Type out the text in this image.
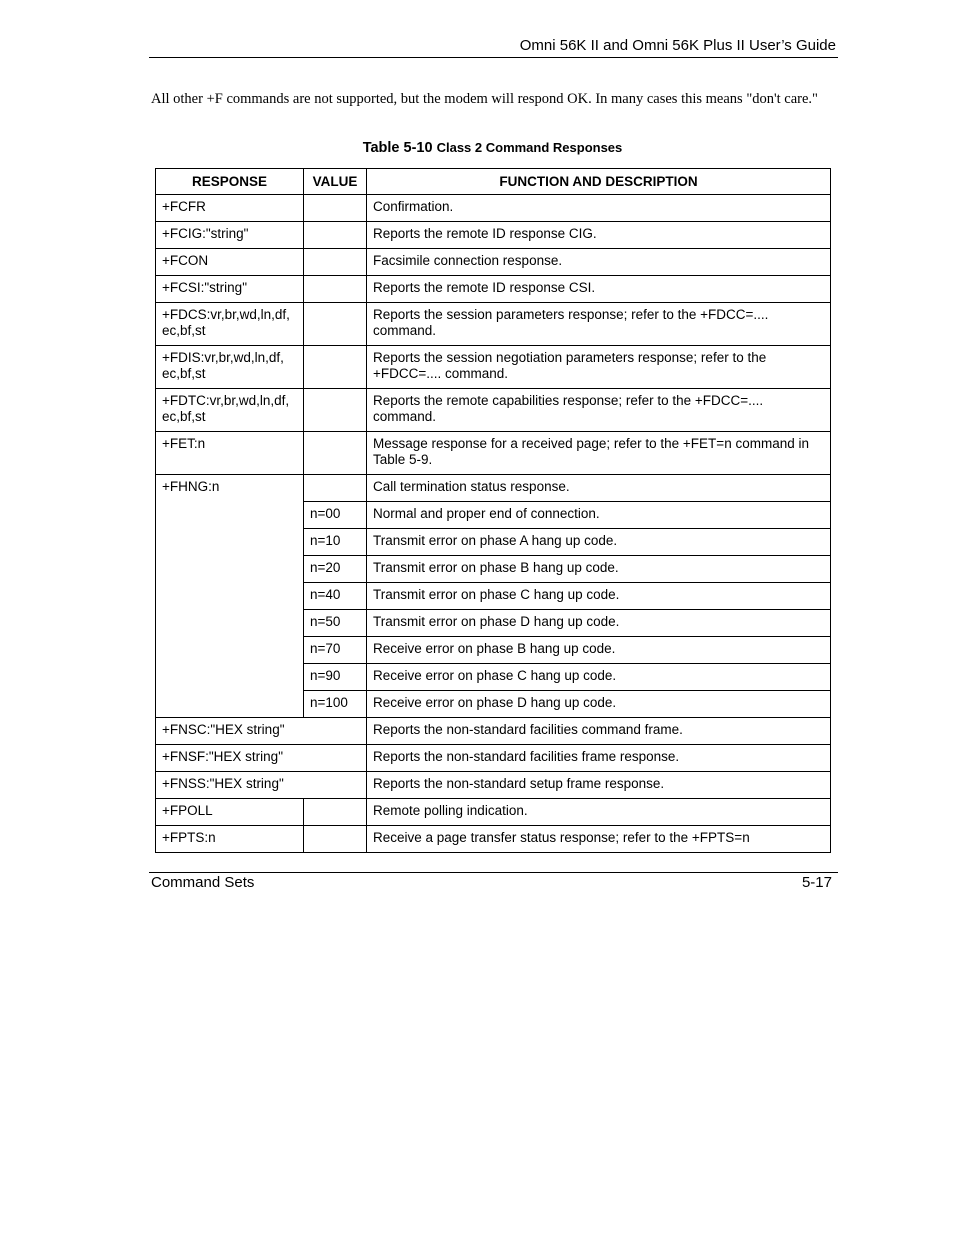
Omni 56K II and Omni 56K Plus II User’s Guide
All other +F commands are not supported, but the modem will respond OK. In many cases this means "don't care."
Table 5-10 Class 2 Command Responses
RESPONSE	VALUE	FUNCTION AND DESCRIPTION
+FCFR		Confirmation.
+FCIG:"string"		Reports the remote ID response CIG.
+FCON		Facsimile connection response.
+FCSI:"string"		Reports the remote ID response CSI.
+FDCS:vr,br,wd,ln,df, ec,bf,st		Reports the session parameters response; refer to the +FDCC=.... command.
+FDIS:vr,br,wd,ln,df, ec,bf,st		Reports the session negotiation parameters response; refer to the +FDCC=.... command.
+FDTC:vr,br,wd,ln,df, ec,bf,st		Reports the remote capabilities response; refer to the +FDCC=.... command.
+FET:n		Message response for a received page; refer to the +FET=n command in Table 5-9.
+FHNG:n		Call termination status response.
	n=00	Normal and proper end of connection.
	n=10	Transmit error on phase A hang up code.
	n=20	Transmit error on phase B hang up code.
	n=40	Transmit error on phase C hang up code.
	n=50	Transmit error on phase D hang up code.
	n=70	Receive error on phase B hang up code.
	n=90	Receive error on phase C hang up code.
	n=100	Receive error on phase D hang up code.
+FNSC:"HEX string"		Reports the non-standard facilities command frame.
+FNSF:"HEX string"		Reports the non-standard facilities frame response.
+FNSS:"HEX string"		Reports the non-standard setup frame response.
+FPOLL		Remote polling indication.
+FPTS:n		Receive a page transfer status response; refer to the +FPTS=n
Command Sets	5-17
